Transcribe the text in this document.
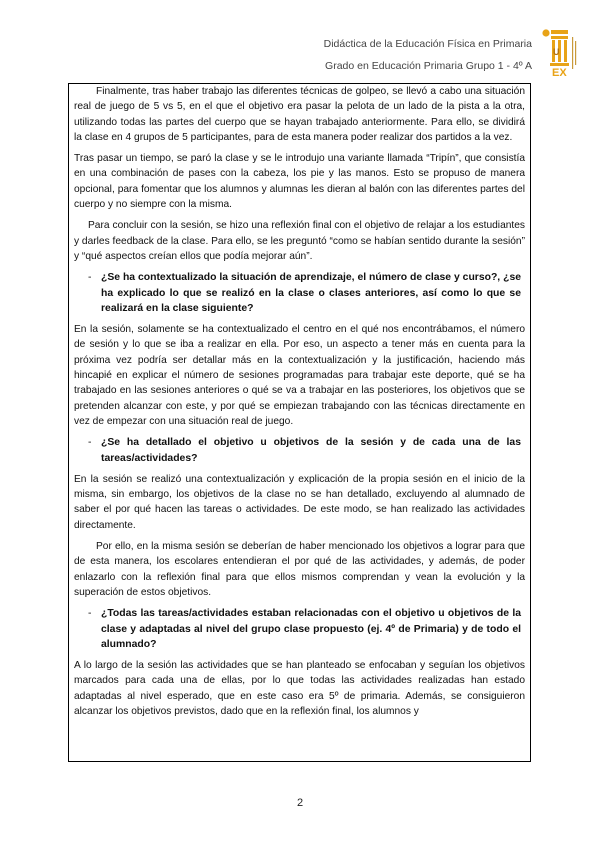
Didáctica de la Educación Física en Primaria
Grado en Educación Primaria Grupo 1 - 4º A
U
EX

Finalmente, tras haber trabajo las diferentes técnicas de golpeo, se llevó a cabo una situación real de juego de 5 vs 5, en el que el objetivo era pasar la pelota de un lado de la pista a la otra, utilizando todas las partes del cuerpo que se hayan trabajado anteriormente. Para ello, se dividirá la clase en 4 grupos de 5 participantes, para de esta manera poder realizar dos partidos a la vez.

Tras pasar un tiempo, se paró la clase y se le introdujo una variante llamada “Tripín”, que consistía en una combinación de pases con la cabeza, los pie y las manos. Esto se propuso de manera opcional, para fomentar que los alumnos y alumnas les dieran al balón con las diferentes partes del cuerpo y no siempre con la misma.

Para concluir con la sesión, se hizo una reflexión final con el objetivo de relajar a los estudiantes y darles feedback de la clase. Para ello, se les preguntó “como se habían sentido durante la sesión” y “qué aspectos creían ellos que podía mejorar aún”.

- ¿Se ha contextualizado la situación de aprendizaje, el número de clase y curso?, ¿se ha explicado lo que se realizó en la clase o clases anteriores, así como lo que se realizará en la clase siguiente?

En la sesión, solamente se ha contextualizado el centro en el qué nos encontrábamos, el número de sesión y lo que se iba a realizar en ella. Por eso, un aspecto a tener más en cuenta para la próxima vez podría ser detallar más en la contextualización y la justificación, haciendo más hincapié en explicar el número de sesiones programadas para trabajar este deporte, qué se ha trabajado en las sesiones anteriores o qué se va a trabajar en las posteriores, los objetivos que se pretenden alcanzar con este, y por qué se empiezan trabajando con las técnicas directamente en vez de empezar con una situación real de juego.

- ¿Se ha detallado el objetivo u objetivos de la sesión y de cada una de las tareas/actividades?

En la sesión se realizó una contextualización y explicación de la propia sesión en el inicio de la misma, sin embargo, los objetivos de la clase no se han detallado, excluyendo al alumnado de saber el por qué hacen las tareas o actividades. De este modo, se han realizado las actividades directamente.

Por ello, en la misma sesión se deberían de haber mencionado los objetivos a lograr para que de esta manera, los escolares entendieran el por qué de las actividades, y además, de poder enlazarlo con la reflexión final para que ellos mismos comprendan y vean la evolución y la superación de estos objetivos.

- ¿Todas las tareas/actividades estaban relacionadas con el objetivo u objetivos de la clase y adaptadas al nivel del grupo clase propuesto (ej. 4º de Primaria) y de todo el alumnado?

A lo largo de la sesión las actividades que se han planteado se enfocaban y seguían los objetivos marcados para cada una de ellas, por lo que todas las actividades realizadas han estado adaptadas al nivel esperado, que en este caso era 5º de primaria. Además, se consiguieron alcanzar los objetivos previstos, dado que en la reflexión final, los alumnos y

2
